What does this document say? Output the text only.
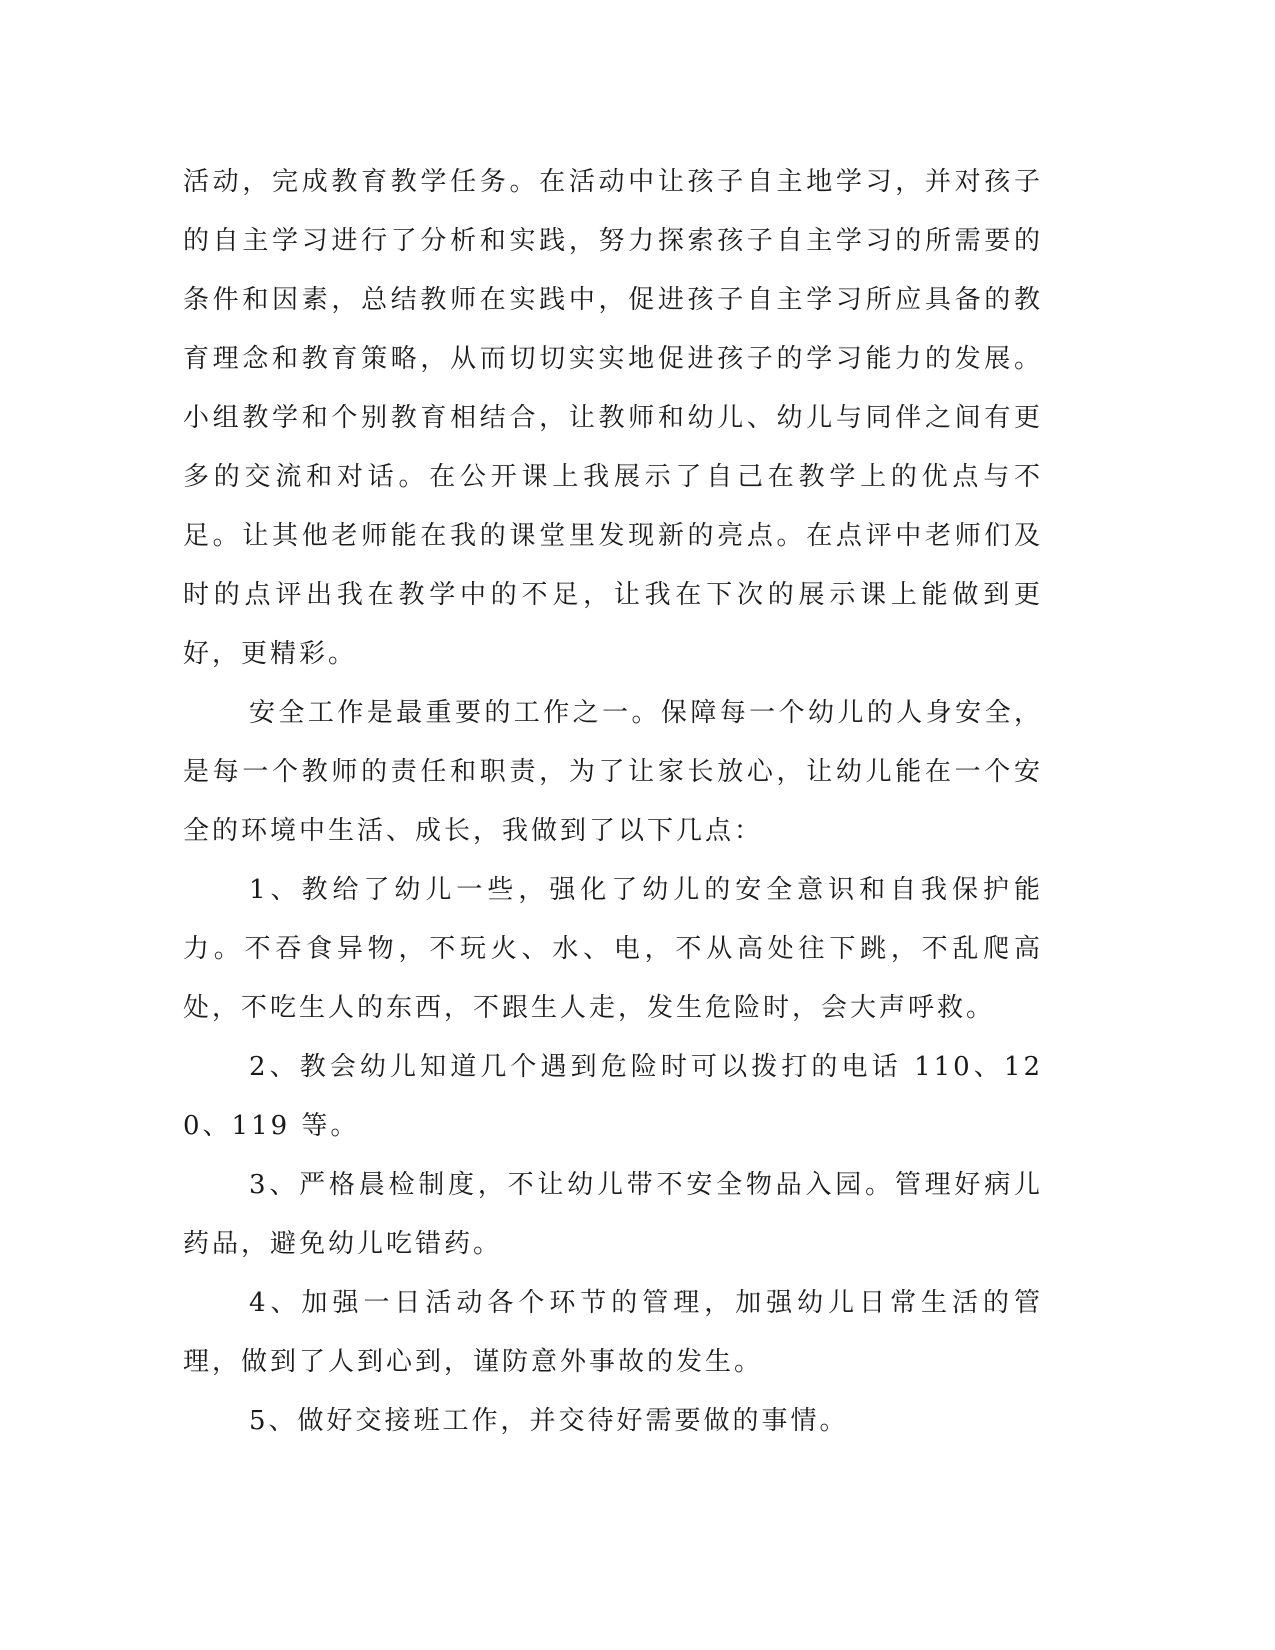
活动，完成教育教学任务。在活动中让孩子自主地学习，并对孩子的自主学习进行了分析和实践，努力探索孩子自主学习的所需要的条件和因素，总结教师在实践中，促进孩子自主学习所应具备的教育理念和教育策略，从而切切实实地促进孩子的学习能力的发展。小组教学和个别教育相结合，让教师和幼儿、幼儿与同伴之间有更多的交流和对话。在公开课上我展示了自己在教学上的优点与不足。让其他老师能在我的课堂里发现新的亮点。在点评中老师们及时的点评出我在教学中的不足，让我在下次的展示课上能做到更好，更精彩。

安全工作是最重要的工作之一。保障每一个幼儿的人身安全，是每一个教师的责任和职责，为了让家长放心，让幼儿能在一个安全的环境中生活、成长，我做到了以下几点：

1、教给了幼儿一些，强化了幼儿的安全意识和自我保护能力。不吞食异物，不玩火、水、电，不从高处往下跳，不乱爬高处，不吃生人的东西，不跟生人走，发生危险时，会大声呼救。

2、教会幼儿知道几个遇到危险时可以拨打的电话 110、120、119 等。

3、严格晨检制度，不让幼儿带不安全物品入园。管理好病儿药品，避免幼儿吃错药。

4、加强一日活动各个环节的管理，加强幼儿日常生活的管理，做到了人到心到，谨防意外事故的发生。

5、做好交接班工作，并交待好需要做的事情。
